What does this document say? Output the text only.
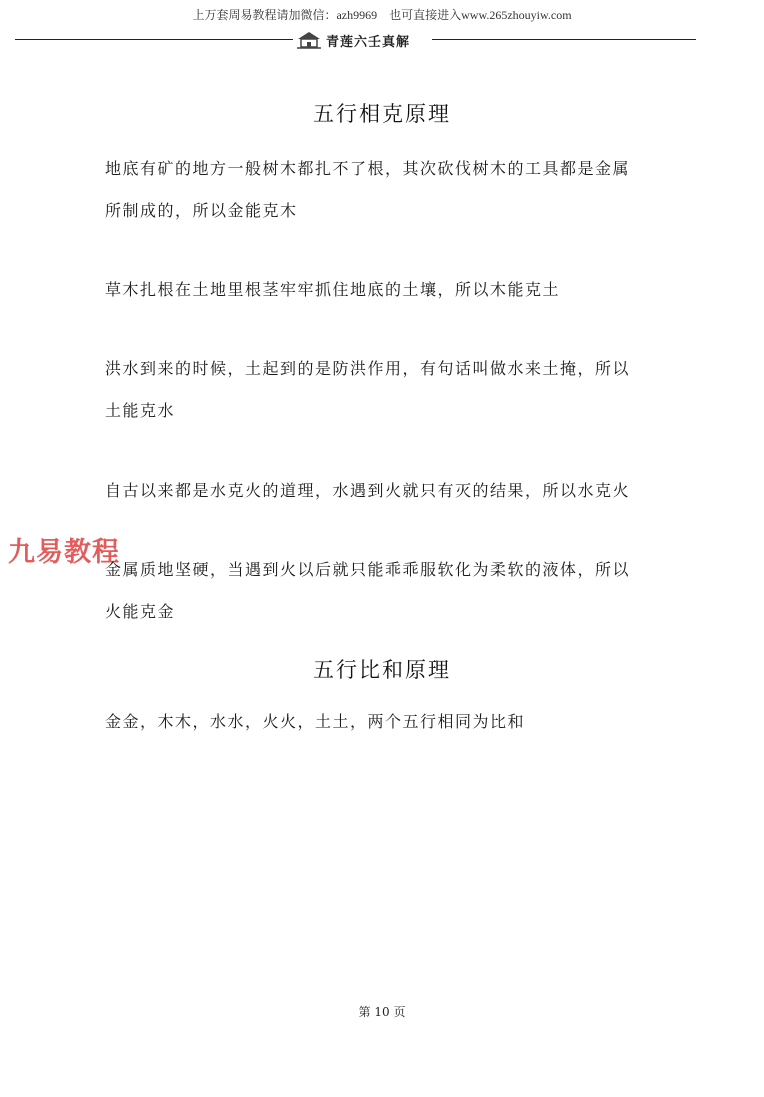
上万套周易教程请加微信：azh9969　也可直接进入www.265zhouyiw.com
青莲六壬真解
五行相克原理
地底有矿的地方一般树木都扎不了根，其次砍伐树木的工具都是金属
所制成的，所以金能克木
草木扎根在土地里根茎牢牢抓住地底的土壤，所以木能克土
洪水到来的时候，土起到的是防洪作用，有句话叫做水来土掩，所以
土能克水
自古以来都是水克火的道理，水遇到火就只有灭的结果，所以水克火
九易教程
金属质地坚硬，当遇到火以后就只能乖乖服软化为柔软的液体，所以
火能克金
五行比和原理
金金，木木，水水，火火，土土，两个五行相同为比和
第 10 页
